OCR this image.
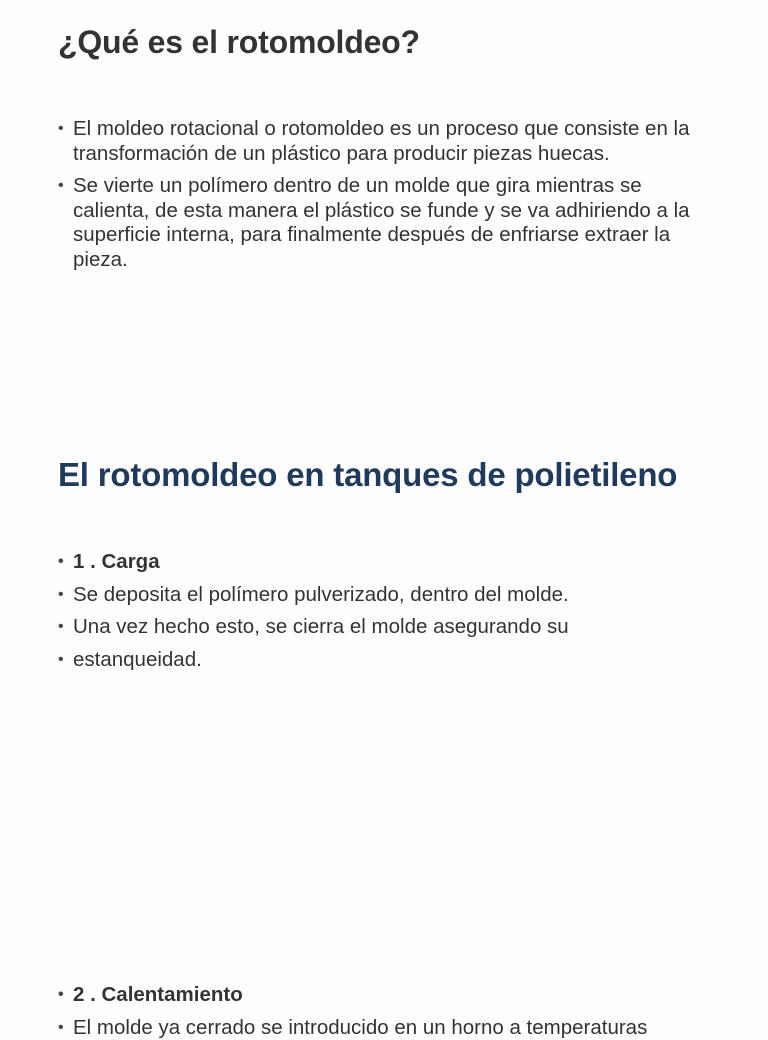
¿Qué es el rotomoldeo?
• El moldeo rotacional o rotomoldeo es un proceso que consiste en la transformación de un plástico para producir piezas huecas.
• Se vierte un polímero dentro de un molde que gira mientras se calienta, de esta manera el plástico se funde y se va adhiriendo a la superficie interna, para finalmente después de enfriarse extraer la pieza.
El rotomoldeo en tanques de polietileno
• 1 . Carga
• Se deposita el polímero pulverizado, dentro del molde.
• Una vez hecho esto, se cierra el molde asegurando su
• estanqueidad.
• 2 . Calentamiento
• El molde ya cerrado se introducido en un horno a temperaturas
